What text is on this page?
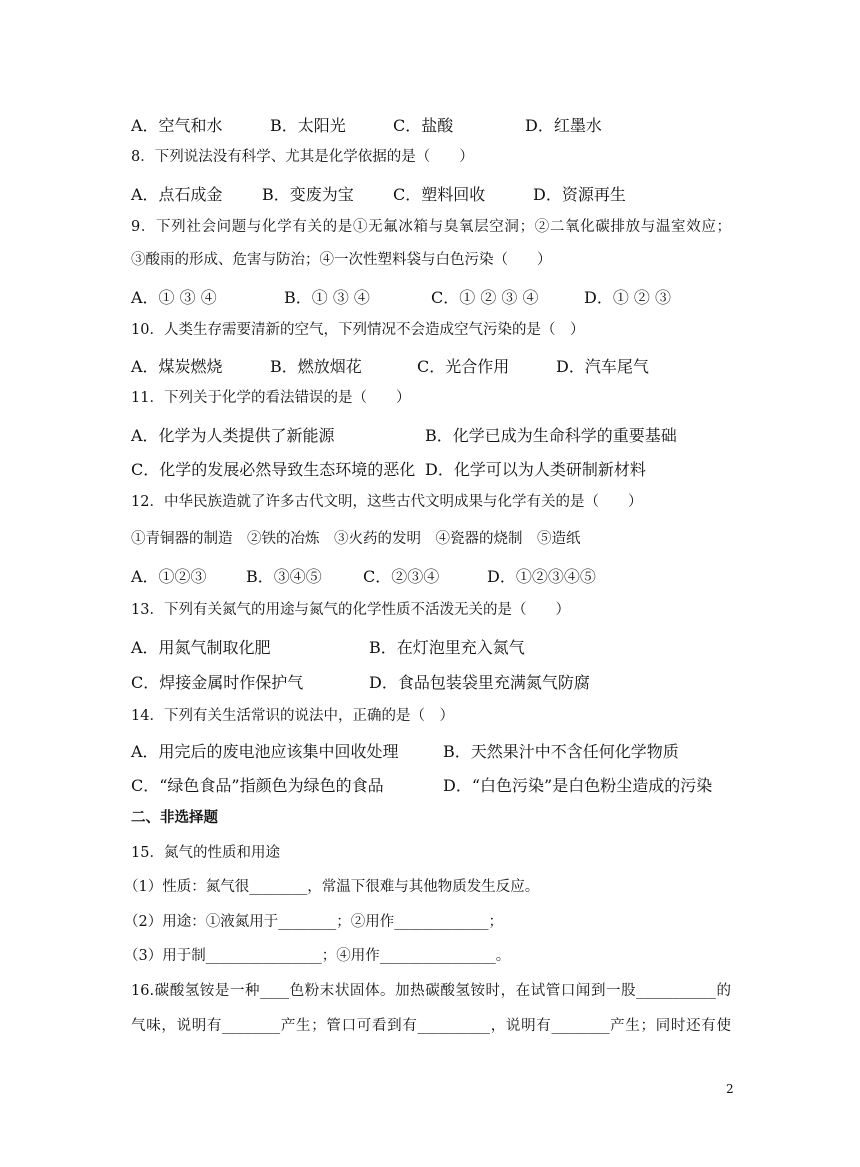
A．空气和水	B．太阳光	C．盐酸	D．红墨水
8．下列说法没有科学、尤其是化学依据的是（　　）
A．点石成金 B．变废为宝 C．塑料回收	D．资源再生
9．下列社会问题与化学有关的是①无氟冰箱与臭氧层空洞；②二氧化碳排放与温室效应；
③酸雨的形成、危害与防治；④一次性塑料袋与白色污染（　　）
A．① ③ ④	B．① ③ ④	C．① ② ③ ④	D．① ② ③
10．人类生存需要清新的空气，下列情况不会造成空气污染的是（　）
A．煤炭燃烧	B．燃放烟花	C．光合作用	D．汽车尾气
11．下列关于化学的看法错误的是（　　）
A．化学为人类提供了新能源	B．化学已成为生命科学的重要基础
C．化学的发展必然导致生态环境的恶化 D．化学可以为人类研制新材料
12．中华民族造就了许多古代文明，这些古代文明成果与化学有关的是（　　）
①青铜器的制造　②铁的冶炼　③火药的发明　④瓷器的烧制　⑤造纸
A．①②③ B．③④⑤	C．②③④	D．①②③④⑤
13．下列有关氮气的用途与氮气的化学性质不活泼无关的是（　　）
A．用氮气制取化肥	B．在灯泡里充入氮气
C．焊接金属时作保护气	D．食品包装袋里充满氮气防腐
14．下列有关生活常识的说法中，正确的是（　）
A．用完后的废电池应该集中回收处理	B．天然果汁中不含任何化学物质
C．“绿色食品”指颜色为绿色的食品	D．“白色污染”是白色粉尘造成的污染
二、非选择题
15．氮气的性质和用途
（1）性质：氮气很________，常温下很难与其他物质发生反应。
（2）用途：①液氮用于________；②用作_____________；
（3）用于制________________；④用作________________。
16.碳酸氢铵是一种____色粉末状固体。加热碳酸氢铵时，在试管口闻到一股___________的
气味，说明有________产生；管口可看到有__________，说明有________产生；同时还有使
2
